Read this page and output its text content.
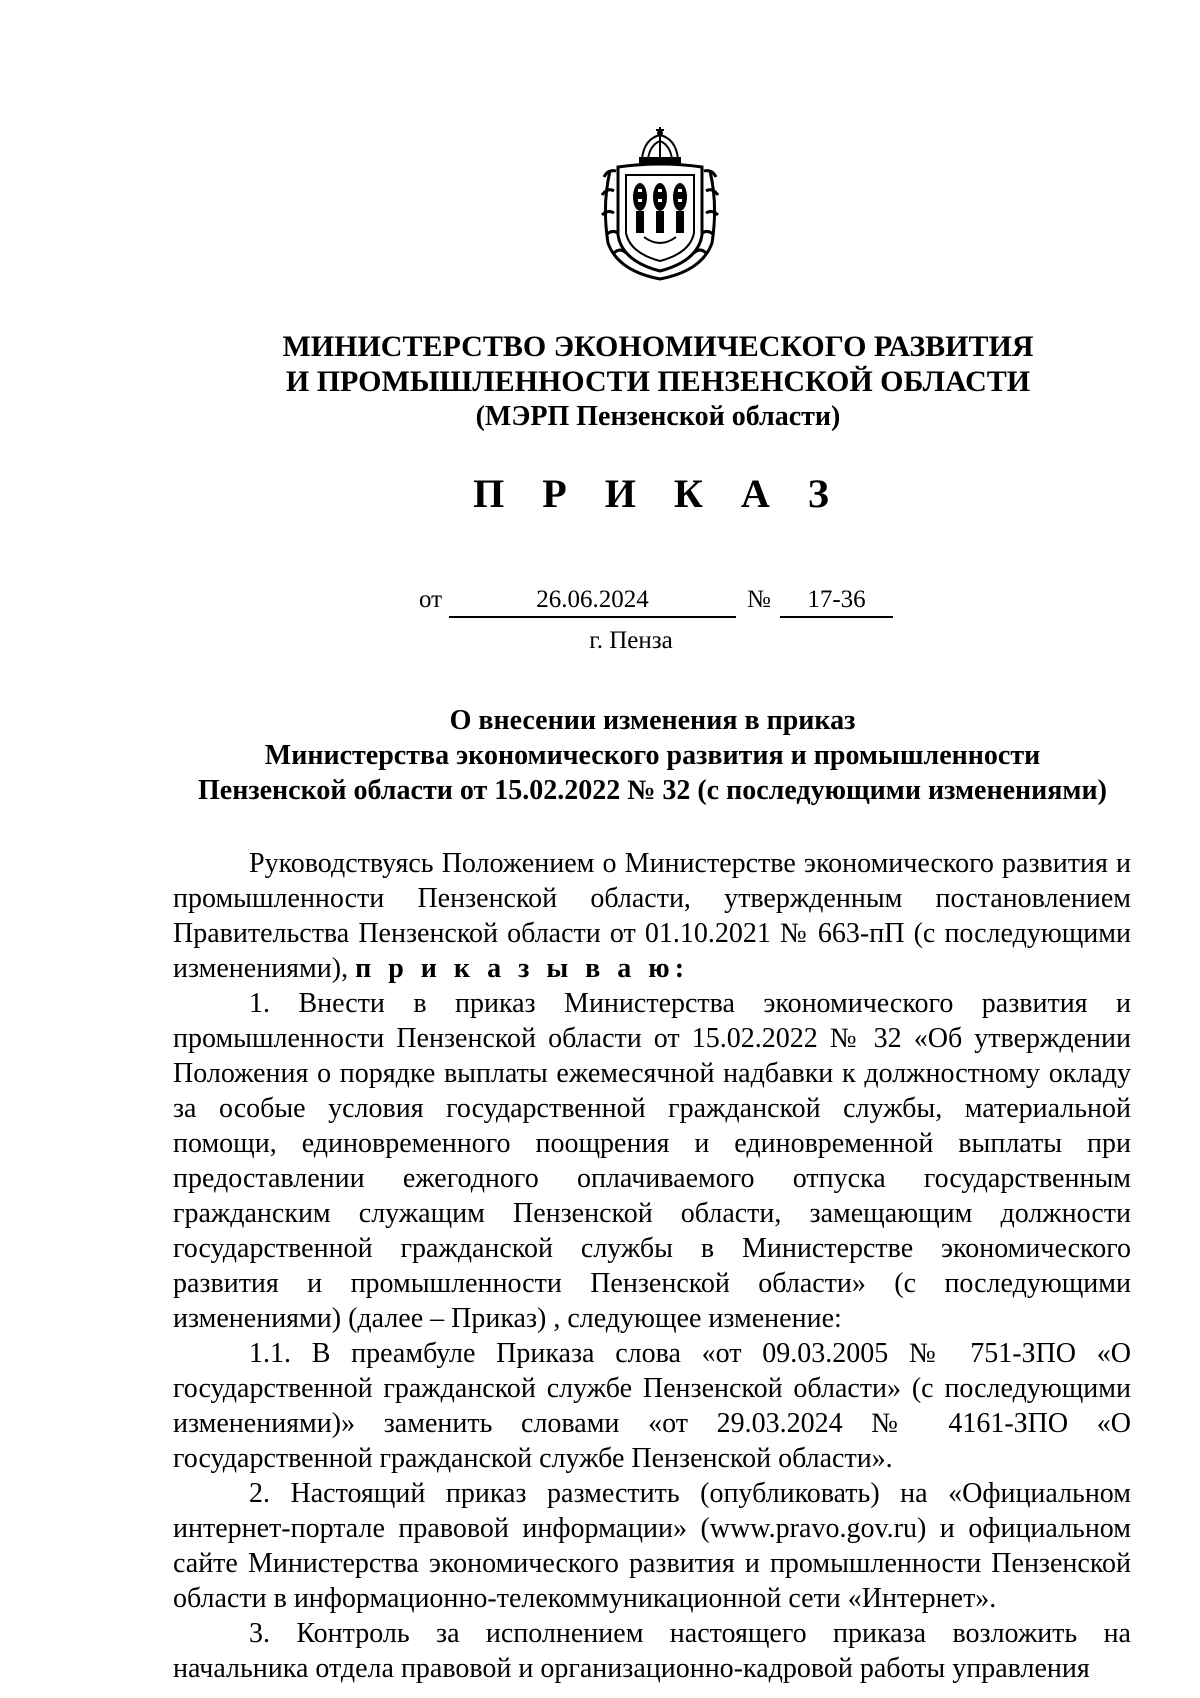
МИНИСТЕРСТВО ЭКОНОМИЧЕСКОГО РАЗВИТИЯ
И ПРОМЫШЛЕННОСТИ ПЕНЗЕНСКОЙ ОБЛАСТИ
(МЭРП Пензенской области)
П Р И К А З
от	26.06.2024	№	17-36
г. Пенза
О внесении изменения в приказ
Министерства экономического развития и промышленности
Пензенской области от 15.02.2022 № 32 (с последующими изменениями)

Руководствуясь Положением о Министерстве экономического развития и промышленности Пензенской области, утвержденным постановлением Правительства Пензенской области от 01.10.2021 № 663-пП (с последующими изменениями), п р и к а з ы в а ю:

1. Внести в приказ Министерства экономического развития и промышленности Пензенской области от 15.02.2022 № 32 «Об утверждении Положения о порядке выплаты ежемесячной надбавки к должностному окладу за особые условия государственной гражданской службы, материальной помощи, единовременного поощрения и единовременной выплаты при предоставлении ежегодного оплачиваемого отпуска государственным гражданским служащим Пензенской области, замещающим должности государственной гражданской службы в Министерстве экономического развития и промышленности Пензенской области» (с последующими изменениями) (далее – Приказ) , следующее изменение:

1.1. В преамбуле Приказа слова «от 09.03.2005 № 751-ЗПО «О государственной гражданской службе Пензенской области» (с последующими изменениями)» заменить словами «от 29.03.2024 № 4161-ЗПО «О государственной гражданской службе Пензенской области».

2. Настоящий приказ разместить (опубликовать) на «Официальном интернет-портале правовой информации» (www.pravo.gov.ru) и официальном сайте Министерства экономического развития и промышленности Пензенской области в информационно-телекоммуникационной сети «Интернет».

3. Контроль за исполнением настоящего приказа возложить на начальника отдела правовой и организационно-кадровой работы управления
